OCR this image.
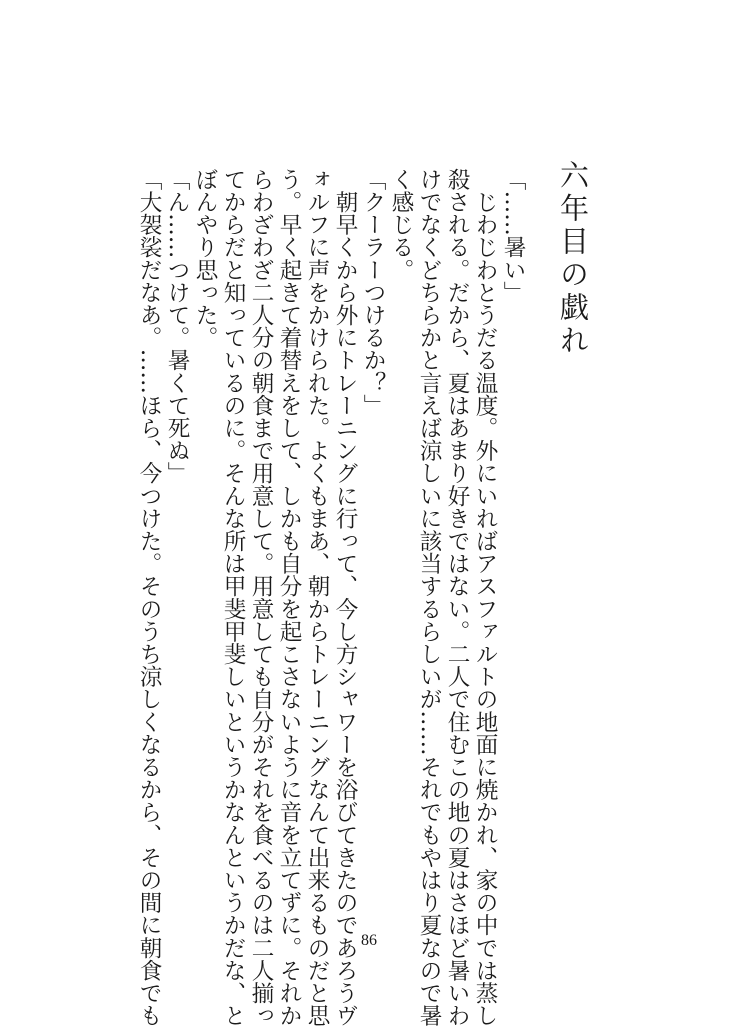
六年目の戯れ
「……暑い」
　じわじわとうだる温度。外にいればアスファルトの地面に焼かれ、家の中では蒸し
殺される。だから、夏はあまり好きではない。二人で住むこの地の夏はさほど暑いわ
けでなくどちらかと言えば涼しいに該当するらしいが……それでもやはり夏なので暑
く感じる。
「クーラーつけるか？」
　朝早くから外にトレーニングに行って、今し方シャワーを浴びてきたのであろうヴ
ォルフに声をかけられた。よくもまあ、朝からトレーニングなんて出来るものだと思
う。早く起きて着替えをして、しかも自分を起こさないように音を立てずに。それか
らわざわざ二人分の朝食まで用意して。用意しても自分がそれを食べるのは二人揃っ
てからだと知っているのに。そんな所は甲斐甲斐しいというかなんというかだな、と
ぼんやり思った。
「ん……つけて。暑くて死ぬ」
「大袈裟だなあ。……ほら、今つけた。そのうち涼しくなるから、その間に朝食でも	86
